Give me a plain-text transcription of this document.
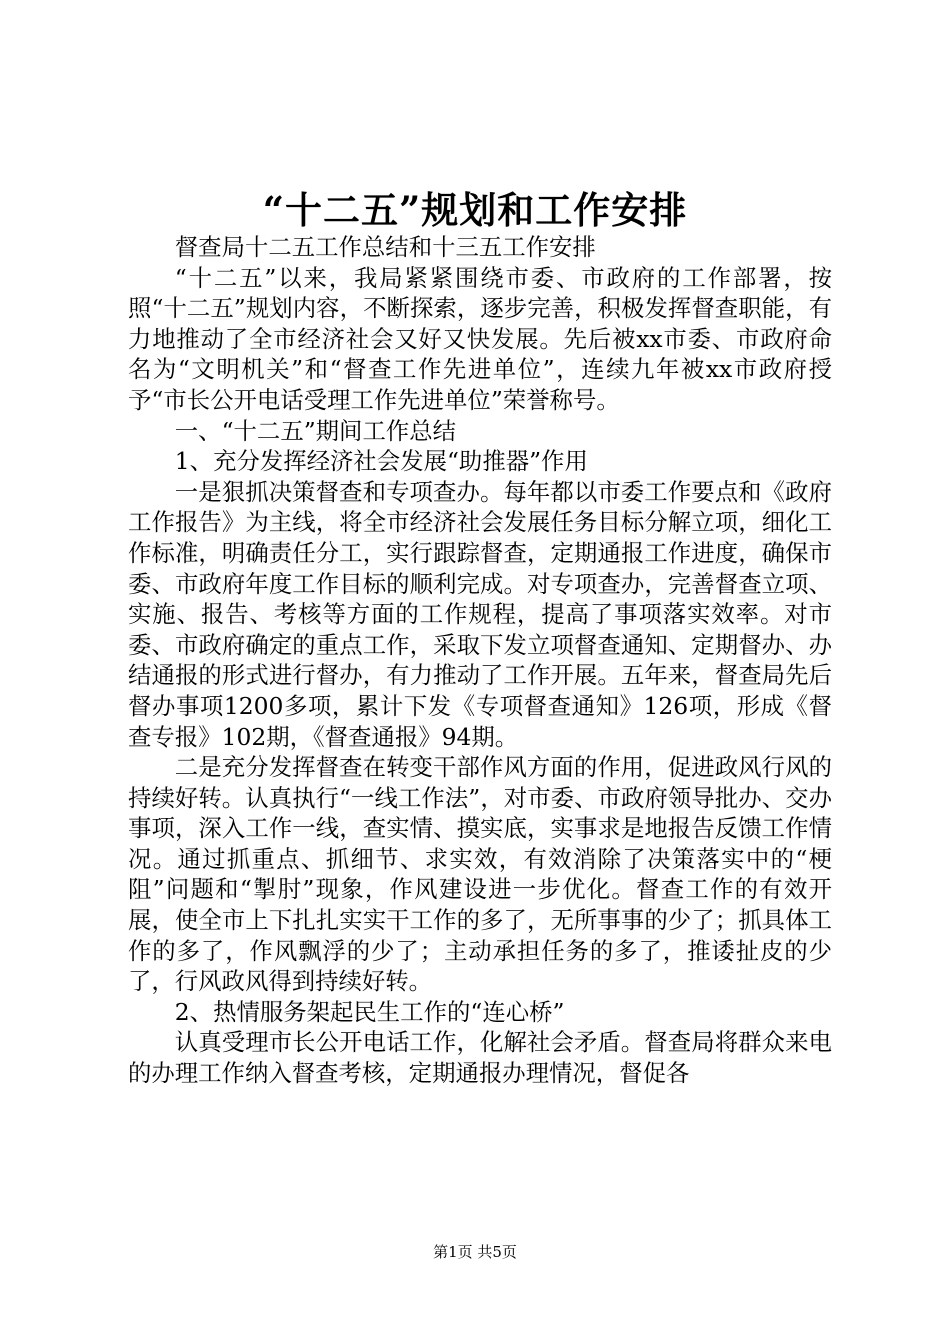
“十二五”规划和工作安排

督查局十二五工作总结和十三五工作安排

“十二五”以来，我局紧紧围绕市委、市政府的工作部署，按照“十二五”规划内容，不断探索，逐步完善，积极发挥督查职能，有力地推动了全市经济社会又好又快发展。先后被xx市委、市政府命名为“文明机关”和“督查工作先进单位”，连续九年被xx市政府授予“市长公开电话受理工作先进单位”荣誉称号。

一、“十二五”期间工作总结

1、充分发挥经济社会发展“助推器”作用

一是狠抓决策督查和专项查办。每年都以市委工作要点和《政府工作报告》为主线，将全市经济社会发展任务目标分解立项，细化工作标准，明确责任分工，实行跟踪督查，定期通报工作进度，确保市委、市政府年度工作目标的顺利完成。对专项查办，完善督查立项、实施、报告、考核等方面的工作规程，提高了事项落实效率。对市委、市政府确定的重点工作，采取下发立项督查通知、定期督办、办结通报的形式进行督办，有力推动了工作开展。五年来，督查局先后督办事项1200多项，累计下发《专项督查通知》126项，形成《督查专报》102期，《督查通报》94期。

二是充分发挥督查在转变干部作风方面的作用，促进政风行风的持续好转。认真执行“一线工作法”，对市委、市政府领导批办、交办事项，深入工作一线，查实情、摸实底，实事求是地报告反馈工作情况。通过抓重点、抓细节、求实效，有效消除了决策落实中的“梗阻”问题和“掣肘”现象，作风建设进一步优化。督查工作的有效开展，使全市上下扎扎实实干工作的多了，无所事事的少了；抓具体工作的多了，作风飘浮的少了；主动承担任务的多了，推诿扯皮的少了，行风政风得到持续好转。

2、热情服务架起民生工作的“连心桥”

认真受理市长公开电话工作，化解社会矛盾。督查局将群众来电的办理工作纳入督查考核，定期通报办理情况，督促各

第1页 共5页
